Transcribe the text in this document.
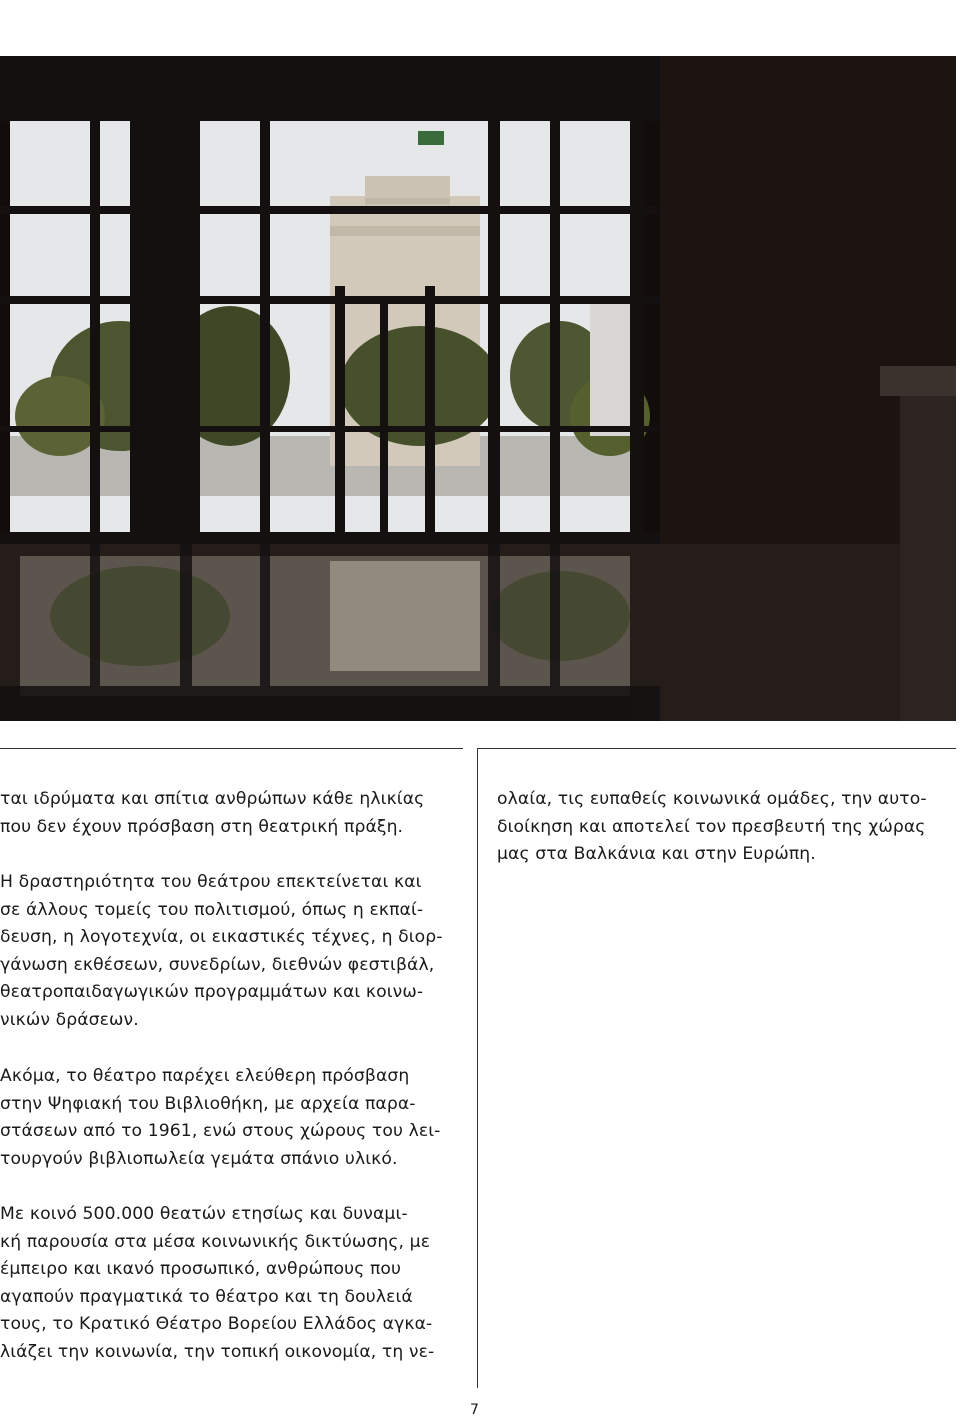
ται ιδρύματα και σπίτια ανθρώπων κάθε ηλικίας

που δεν έχουν πρόσβαση στη θεατρική πράξη.

Η δραστηριότητα του θεάτρου επεκτείνεται και

σε άλλους τομείς του πολιτισμού, όπως η εκπαί-

δευση, η λογοτεχνία, οι εικαστικές τέχνες, η διορ-

γάνωση εκθέσεων, συνεδρίων, διεθνών φεστιβάλ,

θεατροπαιδαγωγικών προγραμμάτων και κοινω-

νικών δράσεων.

Ακόμα, το θέατρο παρέχει ελεύθερη πρόσβαση

στην Ψηφιακή του Βιβλιοθήκη, με αρχεία παρα-

στάσεων από το 1961, ενώ στους χώρους του λει-

τουργούν βιβλιοπωλεία γεμάτα σπάνιο υλικό.

Με κοινό 500.000 θεατών ετησίως και δυναμι-

κή παρουσία στα μέσα κοινωνικής δικτύωσης, με

έμπειρο και ικανό προσωπικό, ανθρώπους που

αγαπούν πραγματικά το θέατρο και τη δουλειά

τους, το Κρατικό Θέατρο Βορείου Ελλάδος αγκα-

λιάζει την κοινωνία, την τοπική οικονομία, τη νε-

ολαία, τις ευπαθείς κοινωνικά ομάδες, την αυτο-

διοίκηση και αποτελεί τον πρεσβευτή της χώρας

μας στα Βαλκάνια και στην Ευρώπη.

7
